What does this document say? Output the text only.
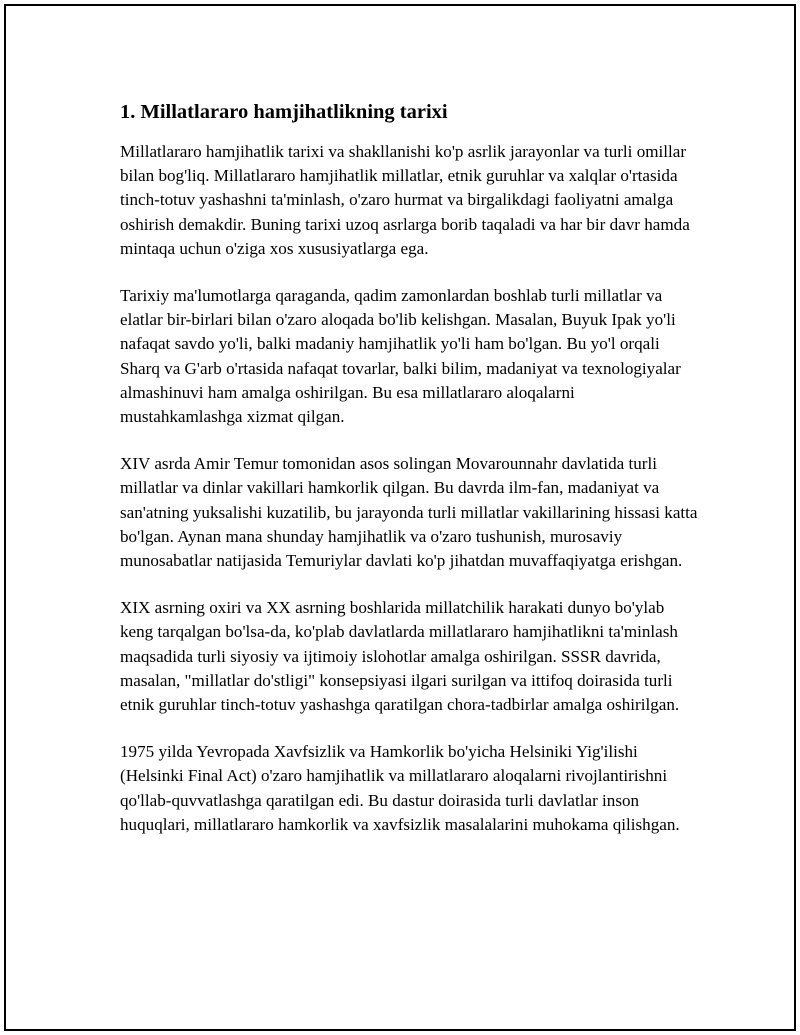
1. Millatlararo hamjihatlikning tarixi

Millatlararo hamjihatlik tarixi va shakllanishi ko'p asrlik jarayonlar va turli omillar bilan bog'liq. Millatlararo hamjihatlik millatlar, etnik guruhlar va xalqlar o'rtasida tinch-totuv yashashni ta'minlash, o'zaro hurmat va birgalikdagi faoliyatni amalga oshirish demakdir. Buning tarixi uzoq asrlarga borib taqaladi va har bir davr hamda mintaqa uchun o'ziga xos xususiyatlarga ega.

Tarixiy ma'lumotlarga qaraganda, qadim zamonlardan boshlab turli millatlar va elatlar bir-birlari bilan o'zaro aloqada bo'lib kelishgan. Masalan, Buyuk Ipak yo'li nafaqat savdo yo'li, balki madaniy hamjihatlik yo'li ham bo'lgan. Bu yo'l orqali Sharq va G'arb o'rtasida nafaqat tovarlar, balki bilim, madaniyat va texnologiyalar almashinuvi ham amalga oshirilgan. Bu esa millatlararo aloqalarni mustahkamlashga xizmat qilgan.

XIV asrda Amir Temur tomonidan asos solingan Movarounnahr davlatida turli millatlar va dinlar vakillari hamkorlik qilgan. Bu davrda ilm-fan, madaniyat va san'atning yuksalishi kuzatilib, bu jarayonda turli millatlar vakillarining hissasi katta bo'lgan. Aynan mana shunday hamjihatlik va o'zaro tushunish, murosaviy munosabatlar natijasida Temuriylar davlati ko'p jihatdan muvaffaqiyatga erishgan.

XIX asrning oxiri va XX asrning boshlarida millatchilik harakati dunyo bo'ylab keng tarqalgan bo'lsa-da, ko'plab davlatlarda millatlararo hamjihatlikni ta'minlash maqsadida turli siyosiy va ijtimoiy islohotlar amalga oshirilgan. SSSR davrida, masalan, "millatlar do'stligi" konsepsiyasi ilgari surilgan va ittifoq doirasida turli etnik guruhlar tinch-totuv yashashga qaratilgan chora-tadbirlar amalga oshirilgan.

1975 yilda Yevropada Xavfsizlik va Hamkorlik bo'yicha Helsiniki Yig'ilishi (Helsinki Final Act) o'zaro hamjihatlik va millatlararo aloqalarni rivojlantirishni qo'llab-quvvatlashga qaratilgan edi. Bu dastur doirasida turli davlatlar inson huquqlari, millatlararo hamkorlik va xavfsizlik masalalarini muhokama qilishgan.
